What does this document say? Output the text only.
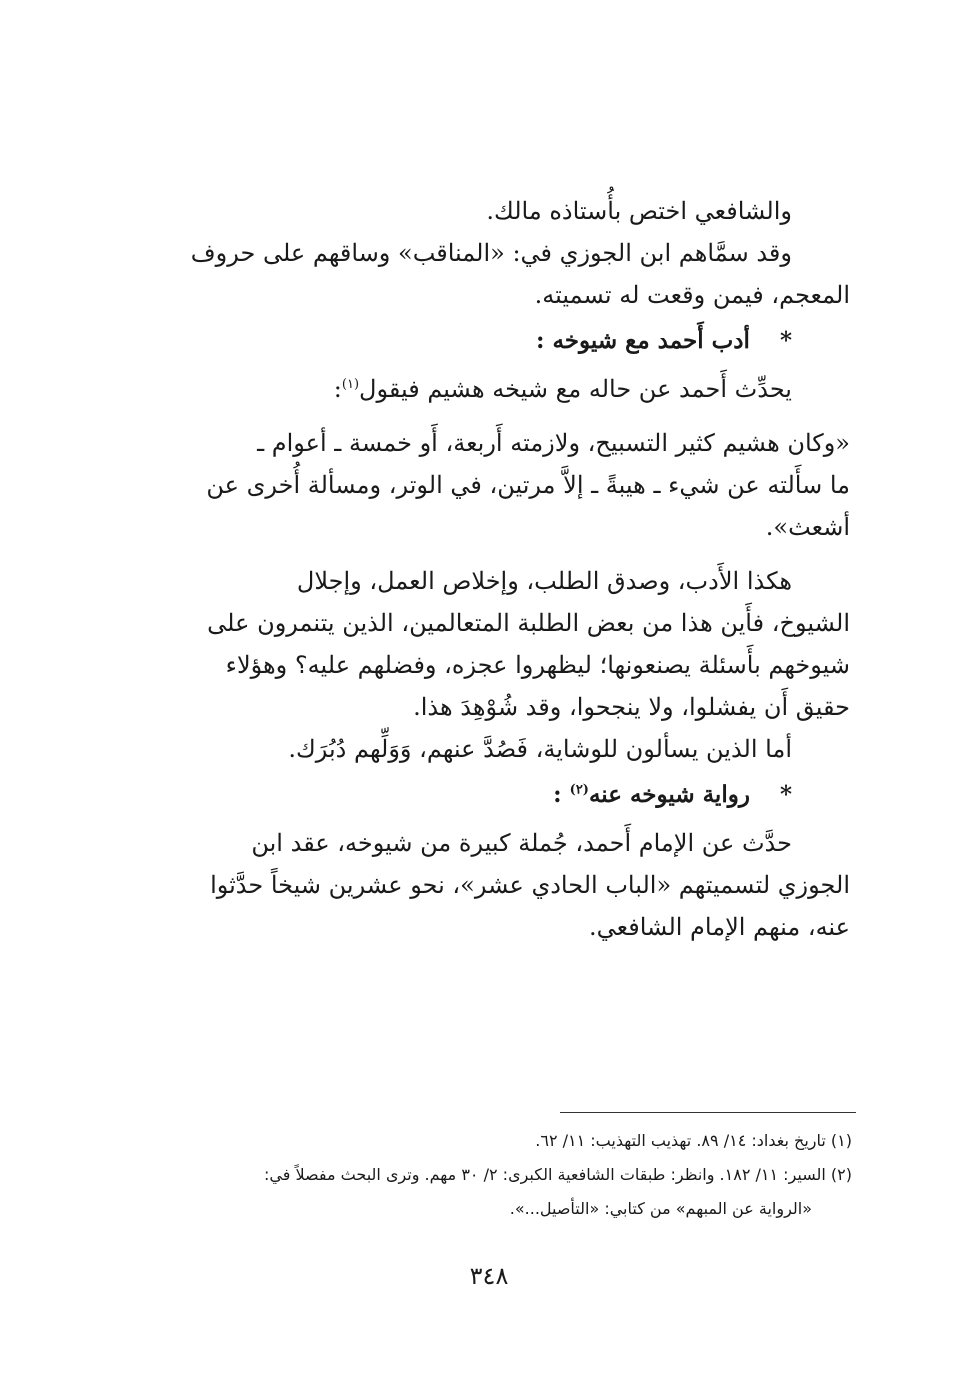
والشافعي اختص بأُستاذه مالك.

وقد سمَّاهم ابن الجوزي في: «المناقب» وساقهم على حروف

المعجم، فيمن وقعت له تسميته.

* أدب أَحمد مع شيوخه :

يحدِّث أَحمد عن حاله مع شيخه هشيم فيقول$^{(١)}$:

«وكان هشيم كثير التسبيح، ولازمته أَربعة، أَو خمسة ـ أعوام ـ

ما سأَلته عن شيء ـ هيبةً ـ إلاَّ مرتين، في الوتر، ومسألة أُخرى عن

أشعث».

هكذا الأَدب، وصدق الطلب، وإخلاص العمل، وإجلال

الشيوخ، فأَين هذا من بعض الطلبة المتعالمين، الذين يتنمرون على

شيوخهم بأَسئلة يصنعونها؛ ليظهروا عجزه، وفضلهم عليه؟ وهؤلاء

حقيق أَن يفشلوا، ولا ينجحوا، وقد شُوْهِدَ هذا.

أما الذين يسألون للوشاية، فَصُدَّ عنهم، وَوَلِّهم دُبُرَك.

* رواية شيوخه عنه$^{(٢)}$ :

حدَّث عن الإمام أَحمد، جُملة كبيرة من شيوخه، عقد ابن

الجوزي لتسميتهم «الباب الحادي عشر»، نحو عشرين شيخاً حدَّثوا

عنه، منهم الإمام الشافعي.

(١) تاريخ بغداد: ١٤/ ٨٩. تهذيب التهذيب: ١١/ ٦٢.

(٢) السير: ١١/ ١٨٢. وانظر: طبقات الشافعية الكبرى: ٢/ ٣٠ مهم. وترى البحث مفصلاً في:

«الرواية عن المبهم» من كتابي: «التأصيل...».

٣٤٨
